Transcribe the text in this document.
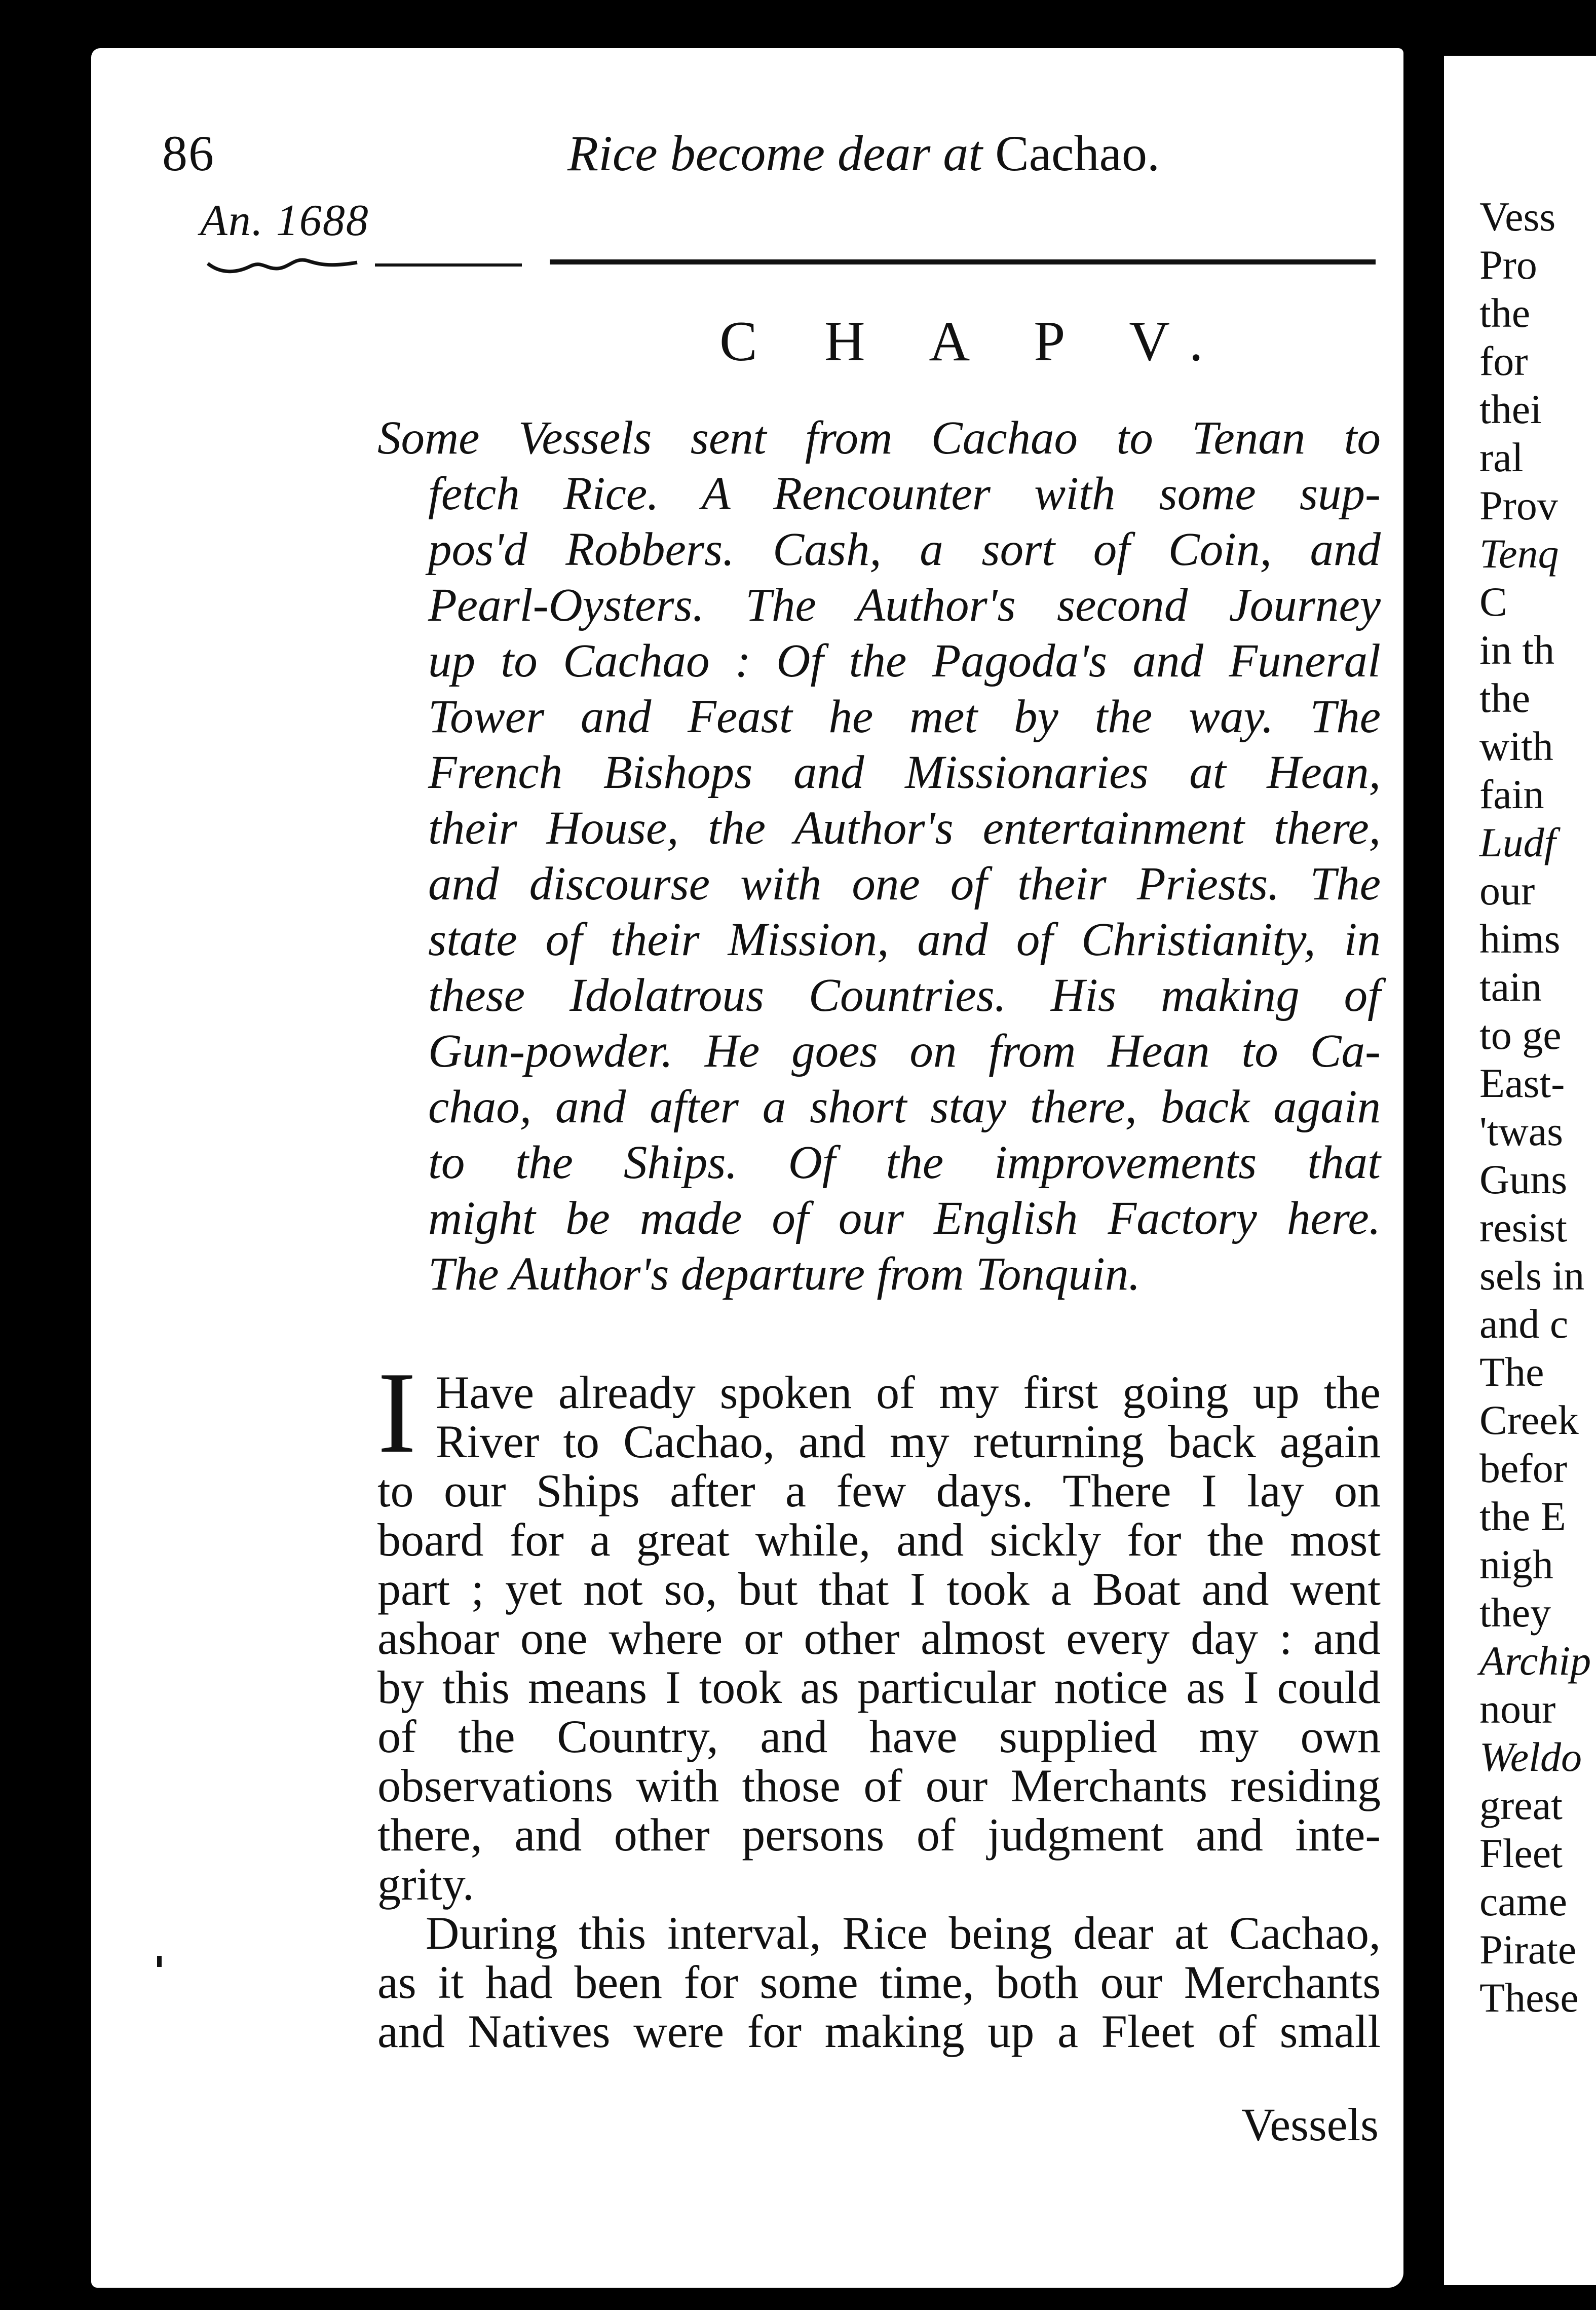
Vess
Pro
the
for
thei
ral
Prov
Tenq
C
in th
the
with
fain
Ludf
our
hims
tain
to ge
East-
'twas
Guns
resist
sels in
and c
The
Creek
befor
the E
nigh
they
Archip
nour
Weldo
great
Fleet
came
Pirate
These
86	Rice become dear at Cachao.
An. 1688
C H A P V.
Some Vessels sent from Cachao to Tenan to
fetch Rice. A Rencounter with some sup-
pos'd Robbers. Cash, a sort of Coin, and
Pearl-Oysters. The Author's second Journey
up to Cachao : Of the Pagoda's and Funeral
Tower and Feast he met by the way. The
French Bishops and Missionaries at Hean,
their House, the Author's entertainment there,
and discourse with one of their Priests. The
state of their Mission, and of Christianity, in
these Idolatrous Countries. His making of
Gun-powder. He goes on from Hean to Ca-
chao, and after a short stay there, back again
to the Ships. Of the improvements that
might be made of our English Factory here.
The Author's departure from Tonquin.
I Have already spoken of my first going up the
River to Cachao, and my returning back again
to our Ships after a few days. There I lay on
board for a great while, and sickly for the most
part ; yet not so, but that I took a Boat and went
ashoar one where or other almost every day : and
by this means I took as particular notice as I could
of the Country, and have supplied my own
observations with those of our Merchants residing
there, and other persons of judgment and inte-
grity.
During this interval, Rice being dear at Cachao,
as it had been for some time, both our Merchants
and Natives were for making up a Fleet of small
Vessels
